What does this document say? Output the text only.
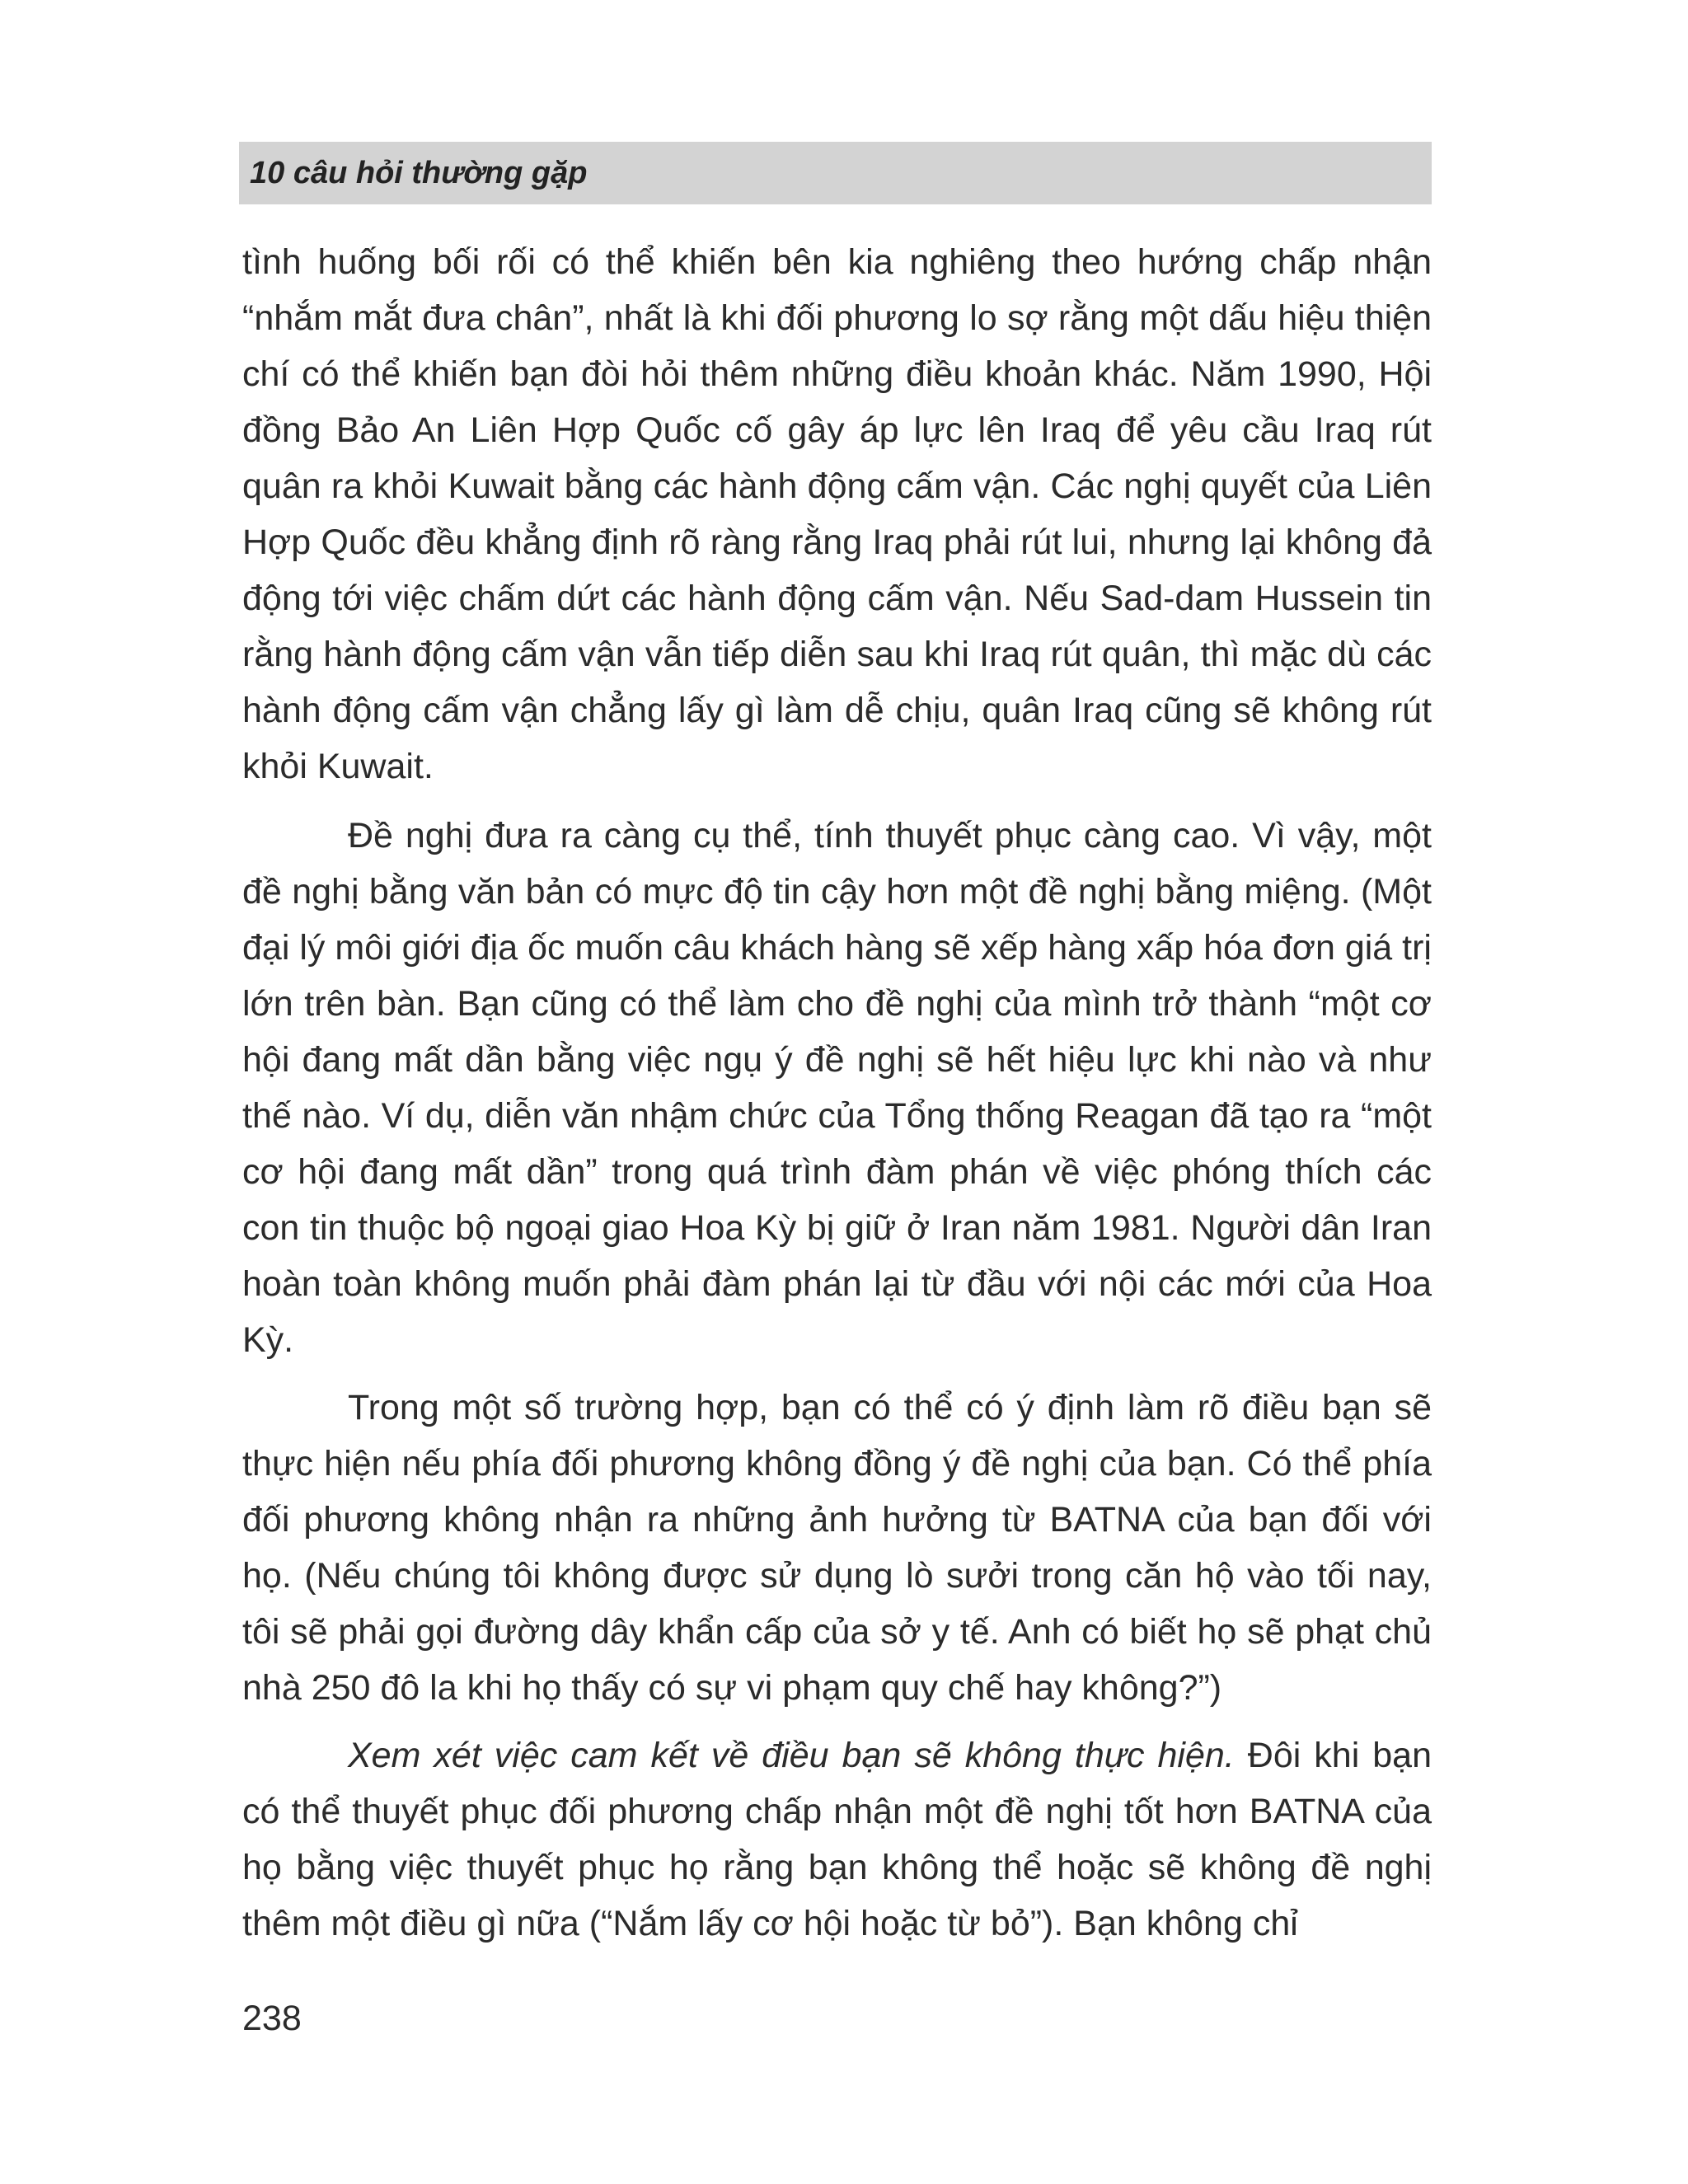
10 câu hỏi thường gặp

tình huống bối rối có thể khiến bên kia nghiêng theo hướng chấp nhận “nhắm mắt đưa chân”, nhất là khi đối phương lo sợ rằng một dấu hiệu thiện chí có thể khiến bạn đòi hỏi thêm những điều khoản khác. Năm 1990, Hội đồng Bảo An Liên Hợp Quốc cố gây áp lực lên Iraq để yêu cầu Iraq rút quân ra khỏi Kuwait bằng các hành động cấm vận. Các nghị quyết của Liên Hợp Quốc đều khẳng định rõ ràng rằng Iraq phải rút lui, nhưng lại không đả động tới việc chấm dứt các hành động cấm vận. Nếu Sad-dam Hussein tin rằng hành động cấm vận vẫn tiếp diễn sau khi Iraq rút quân, thì mặc dù các hành động cấm vận chẳng lấy gì làm dễ chịu, quân Iraq cũng sẽ không rút khỏi Kuwait.

Đề nghị đưa ra càng cụ thể, tính thuyết phục càng cao. Vì vậy, một đề nghị bằng văn bản có mực độ tin cậy hơn một đề nghị bằng miệng. (Một đại lý môi giới địa ốc muốn câu khách hàng sẽ xếp hàng xấp hóa đơn giá trị lớn trên bàn. Bạn cũng có thể làm cho đề nghị của mình trở thành “một cơ hội đang mất dần bằng việc ngụ ý đề nghị sẽ hết hiệu lực khi nào và như thế nào. Ví dụ, diễn văn nhậm chức của Tổng thống Reagan đã tạo ra “một cơ hội đang mất dần” trong quá trình đàm phán về việc phóng thích các con tin thuộc bộ ngoại giao Hoa Kỳ bị giữ ở Iran năm 1981. Người dân Iran hoàn toàn không muốn phải đàm phán lại từ đầu với nội các mới của Hoa Kỳ.

Trong một số trường hợp, bạn có thể có ý định làm rõ điều bạn sẽ thực hiện nếu phía đối phương không đồng ý đề nghị của bạn. Có thể phía đối phương không nhận ra những ảnh hưởng từ BATNA của bạn đối với họ. (Nếu chúng tôi không được sử dụng lò sưởi trong căn hộ vào tối nay, tôi sẽ phải gọi đường dây khẩn cấp của sở y tế. Anh có biết họ sẽ phạt chủ nhà 250 đô la khi họ thấy có sự vi phạm quy chế hay không?”)

Xem xét việc cam kết về điều bạn sẽ không thực hiện. Đôi khi bạn có thể thuyết phục đối phương chấp nhận một đề nghị tốt hơn BATNA của họ bằng việc thuyết phục họ rằng bạn không thể hoặc sẽ không đề nghị thêm một điều gì nữa (“Nắm lấy cơ hội hoặc từ bỏ”). Bạn không chỉ

238
